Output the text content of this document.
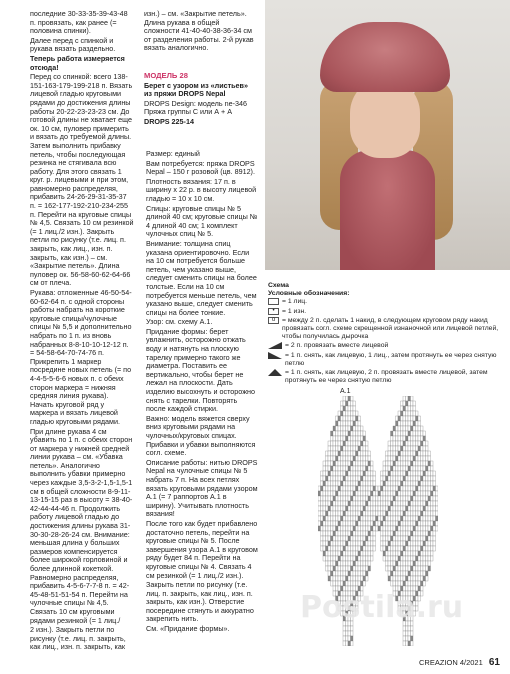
последние 30-33-35-39-43-48 п. провязать, как ранее (= половина спинки).

Далее перед с спинкой и рукава вязать раздельно.

Теперь работа измеряется отсюда!

Перед со спинкой: всего 138-151-163-179-199-218 п. Вязать лицевой гладью круговыми рядами до достижения длины работы 20-22-23-23-23 см. До готовой длины не хватает еще ок. 10 см, пуловер примерить и вязать до требуемой длины. Затем выполнить прибавку петель, чтобы последующая резинка не стягивала всю работу. Для этого связать 1 круг. р. лицевыми и при этом, равномерно распределяя, прибавить 24-26-29-31-35-37 п. = 162-177-192-210-234-255 п. Перейти на круговые спицы № 4,5. Связать 10 см резинкой (= 1 лиц./2 изн.). Закрыть петли по рисунку (т.е. лиц. п. закрыть, как лиц., изн. п. закрыть, как изн.) – см. «Закрытие петель». Длина пуловер ок. 56-58-60-62-64-66 см от плеча.

Рукава: отложенные 46-50-54-60-62-64 п. с одной стороны работы набрать на короткие круговые спицы/чулочные спицы № 5,5 и дополнительно набрать по 1 п. из вновь набранных 8-8-10-10-12-12 п. = 54-58-64-70-74-76 п. Прикрепить 1 маркер посредине новых петель (= по 4-4-5-5-6-6 новых п. с обеих сторон маркера = нижняя средняя линия рукава). Начать круговой ряд у маркера и вязать лицевой гладью круговыми рядами.

При длине рукава 4 см убавить по 1 п. с обеих сторон от маркера у нижней средней линии рукава – см. «Убавка петель». Аналогично выполнить убавки примерно через каждые 3,5-3-2-1,5-1,5-1 см в общей сложности 8-9-11-13-15-15 раз в высоту = 38-40-42-44-44-46 п. Продолжить работу лицевой гладью до достижения длины рукава 31-30-30-28-26-24 см. Внимание: меньшая длина у больших размеров компенсируется более широкой горловиной и более длинной кокеткой. Равномерно распределяя, прибавить 4-5-6-7-7-8 п. = 42-45-48-51-51-54 п. Перейти на чулочные спицы № 4,5. Связать 10 см круговыми рядами резинкой (= 1 лиц./

2 изн.). Закрыть петли по рисунку (т.е. лиц. п. закрыть, как лиц., изн. п. закрыть, как

изн.) – см. «Закрытие петель». Длина рукава в общей сложности 41-40-40-38-36-34 см от разделения работы. 2-й рукав вязать аналогично.

МОДЕЛЬ 28

Берет с узором из «листьев» из пряжи DROPS Nepal

DROPS Design: модель ne-346 Пряжа группы С или А + А

DROPS 225-14

Размер: единый

Вам потребуется: пряжа DROPS Nepal – 150 г розовой (цв. 8912).

Плотность вязания: 17 п. в ширину х 22 р. в высоту лицевой гладью = 10 х 10 см.

Спицы: круговые спицы № 5 длиной 40 см; круговые спицы № 4 длиной 40 см; 1 комплект чулочных спиц № 5.

Внимание: толщина спиц указана ориентировочно. Если на 10 см потребуется больше петель, чем указано выше, следует сменить спицы на более толстые. Если на 10 см потребуется меньше петель, чем указано выше, следует сменить спицы на более тонкие.

Узор: см. схему А.1.

Придание формы: берет увлажнить, осторожно отжать воду и натянуть на плоскую тарелку примерно такого же диаметра. Поставить ее вертикально, чтобы берет не лежал на плоскости. Дать изделию высохнуть и осторожно снять с тарелки. Повторять после каждой стирки.

Важно: модель вяжется сверху вниз круговыми рядами на чулочных/круговых спицах. Прибавки и убавки выполняются согл. схеме.

Описание работы: нитью DROPS Nepal на чулочные спицы № 5 набрать 7 п. На всех петлях вязать круговыми рядами узором А.1 (= 7 раппортов А.1 в ширину). Учитывать плотность вязания!

После того как будет прибавлено достаточно петель, перейти на круговые спицы № 5. После завершения узора А.1 в круговом ряду будет 84 п. Перейти на круговые спицы № 4. Связать 4 см резинкой (= 1 лиц./2 изн.).

Закрыть петли по рисунку (т.е. лиц. п. закрыть, как лиц., изн. п. закрыть, как изн.). Отверстие посередине стянуть и аккуратно закрепить нить.

См. «Придание формы».

Схема
Условные обозначения:
= 1 лиц.
•	= 1 изн.
o	= между 2 п. сделать 1 накид, в следующем круговом ряду накид провязать согл. схеме скрещенной изнаночной или лицевой петлей, чтобы получилась дырочка
= 2 п. провязать вместе лицевой
= 1 п. снять, как лицевую, 1 лиц., затем протянуть ее через снятую петлю
= 1 п. снять, как лицевую, 2 п. провязать вместе лицевой, затем протянуть ее через снятую петлю
A.1
Postila.ru
CREAZION 4/2021 61
